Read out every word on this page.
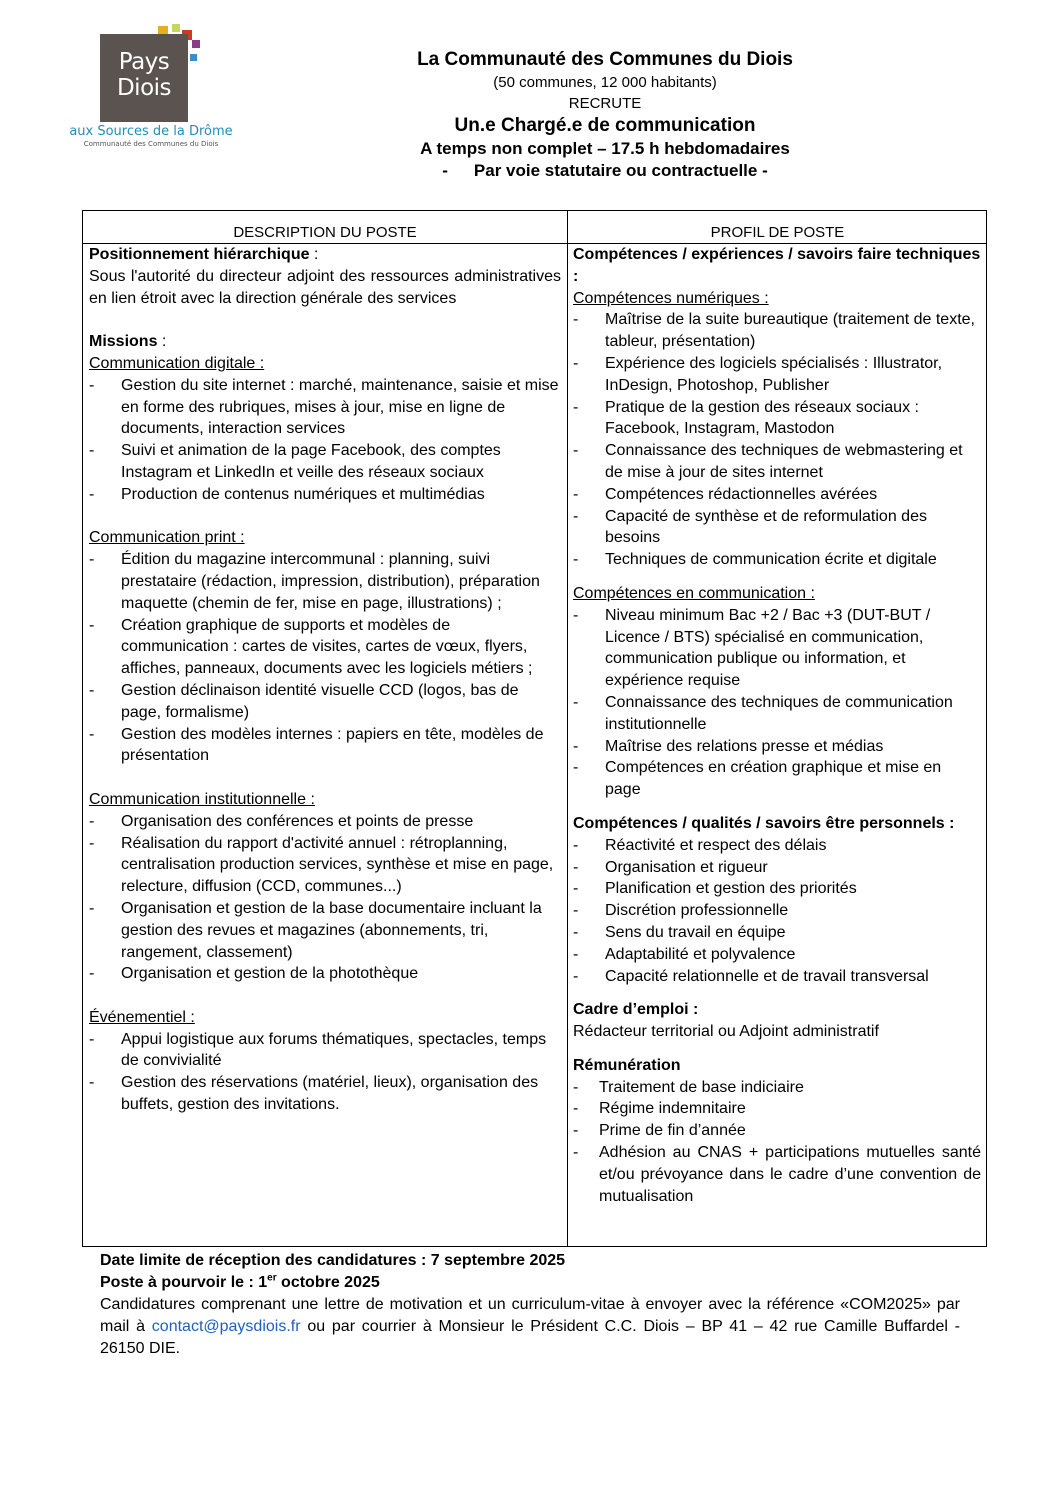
Pays
Diois
aux Sources de la Drôme
Communauté des Communes du Diois
La Communauté des Communes du Diois
(50 communes, 12 000 habitants)
RECRUTE
Un.e Chargé.e de communication
A temps non complet – 17.5 h hebdomadaires
- Par voie statutaire ou contractuelle -
DESCRIPTION DU POSTE	PROFIL DE POSTE
Positionnement hiérarchique :
Sous l'autorité du directeur adjoint des ressources administratives en lien étroit avec la direction générale des services
Missions :
Communication digitale :
- Gestion du site internet : marché, maintenance, saisie et mise en forme des rubriques, mises à jour, mise en ligne de documents, interaction services
- Suivi et animation de la page Facebook, des comptes Instagram et LinkedIn et veille des réseaux sociaux
- Production de contenus numériques et multimédias
Communication print :
- Édition du magazine intercommunal : planning, suivi prestataire (rédaction, impression, distribution), préparation maquette (chemin de fer, mise en page, illustrations) ;
- Création graphique de supports et modèles de communication : cartes de visites, cartes de vœux, flyers, affiches, panneaux, documents avec les logiciels métiers ;
- Gestion déclinaison identité visuelle CCD (logos, bas de page, formalisme)
- Gestion des modèles internes : papiers en tête, modèles de présentation
Communication institutionnelle :
- Organisation des conférences et points de presse
- Réalisation du rapport d'activité annuel : rétroplanning, centralisation production services, synthèse et mise en page, relecture, diffusion (CCD, communes...)
- Organisation et gestion de la base documentaire incluant la gestion des revues et magazines (abonnements, tri, rangement, classement)
- Organisation et gestion de la photothèque
Événementiel :
- Appui logistique aux forums thématiques, spectacles, temps de convivialité
- Gestion des réservations (matériel, lieux), organisation des buffets, gestion des invitations.
Compétences / expériences / savoirs faire techniques :
Compétences numériques :
- Maîtrise de la suite bureautique (traitement de texte, tableur, présentation)
- Expérience des logiciels spécialisés : Illustrator, InDesign, Photoshop, Publisher
- Pratique de la gestion des réseaux sociaux : Facebook, Instagram, Mastodon
- Connaissance des techniques de webmastering et de mise à jour de sites internet
- Compétences rédactionnelles avérées
- Capacité de synthèse et de reformulation des besoins
- Techniques de communication écrite et digitale
Compétences en communication :
- Niveau minimum Bac +2 / Bac +3 (DUT-BUT / Licence / BTS) spécialisé en communication, communication publique ou information, et expérience requise
- Connaissance des techniques de communication institutionnelle
- Maîtrise des relations presse et médias
- Compétences en création graphique et mise en page
Compétences / qualités / savoirs être personnels :
- Réactivité et respect des délais
- Organisation et rigueur
- Planification et gestion des priorités
- Discrétion professionnelle
- Sens du travail en équipe
- Adaptabilité et polyvalence
- Capacité relationnelle et de travail transversal
Cadre d’emploi :
Rédacteur territorial ou Adjoint administratif
Rémunération
- Traitement de base indiciaire
- Régime indemnitaire
- Prime de fin d’année
- Adhésion au CNAS + participations mutuelles santé et/ou prévoyance dans le cadre d’une convention de mutualisation
Date limite de réception des candidatures : 7 septembre 2025
Poste à pourvoir le : 1er octobre 2025
Candidatures comprenant une lettre de motivation et un curriculum-vitae à envoyer avec la référence «COM2025» par mail à contact@paysdiois.fr ou par courrier à Monsieur le Président C.C. Diois – BP 41 – 42 rue Camille Buffardel - 26150 DIE.
